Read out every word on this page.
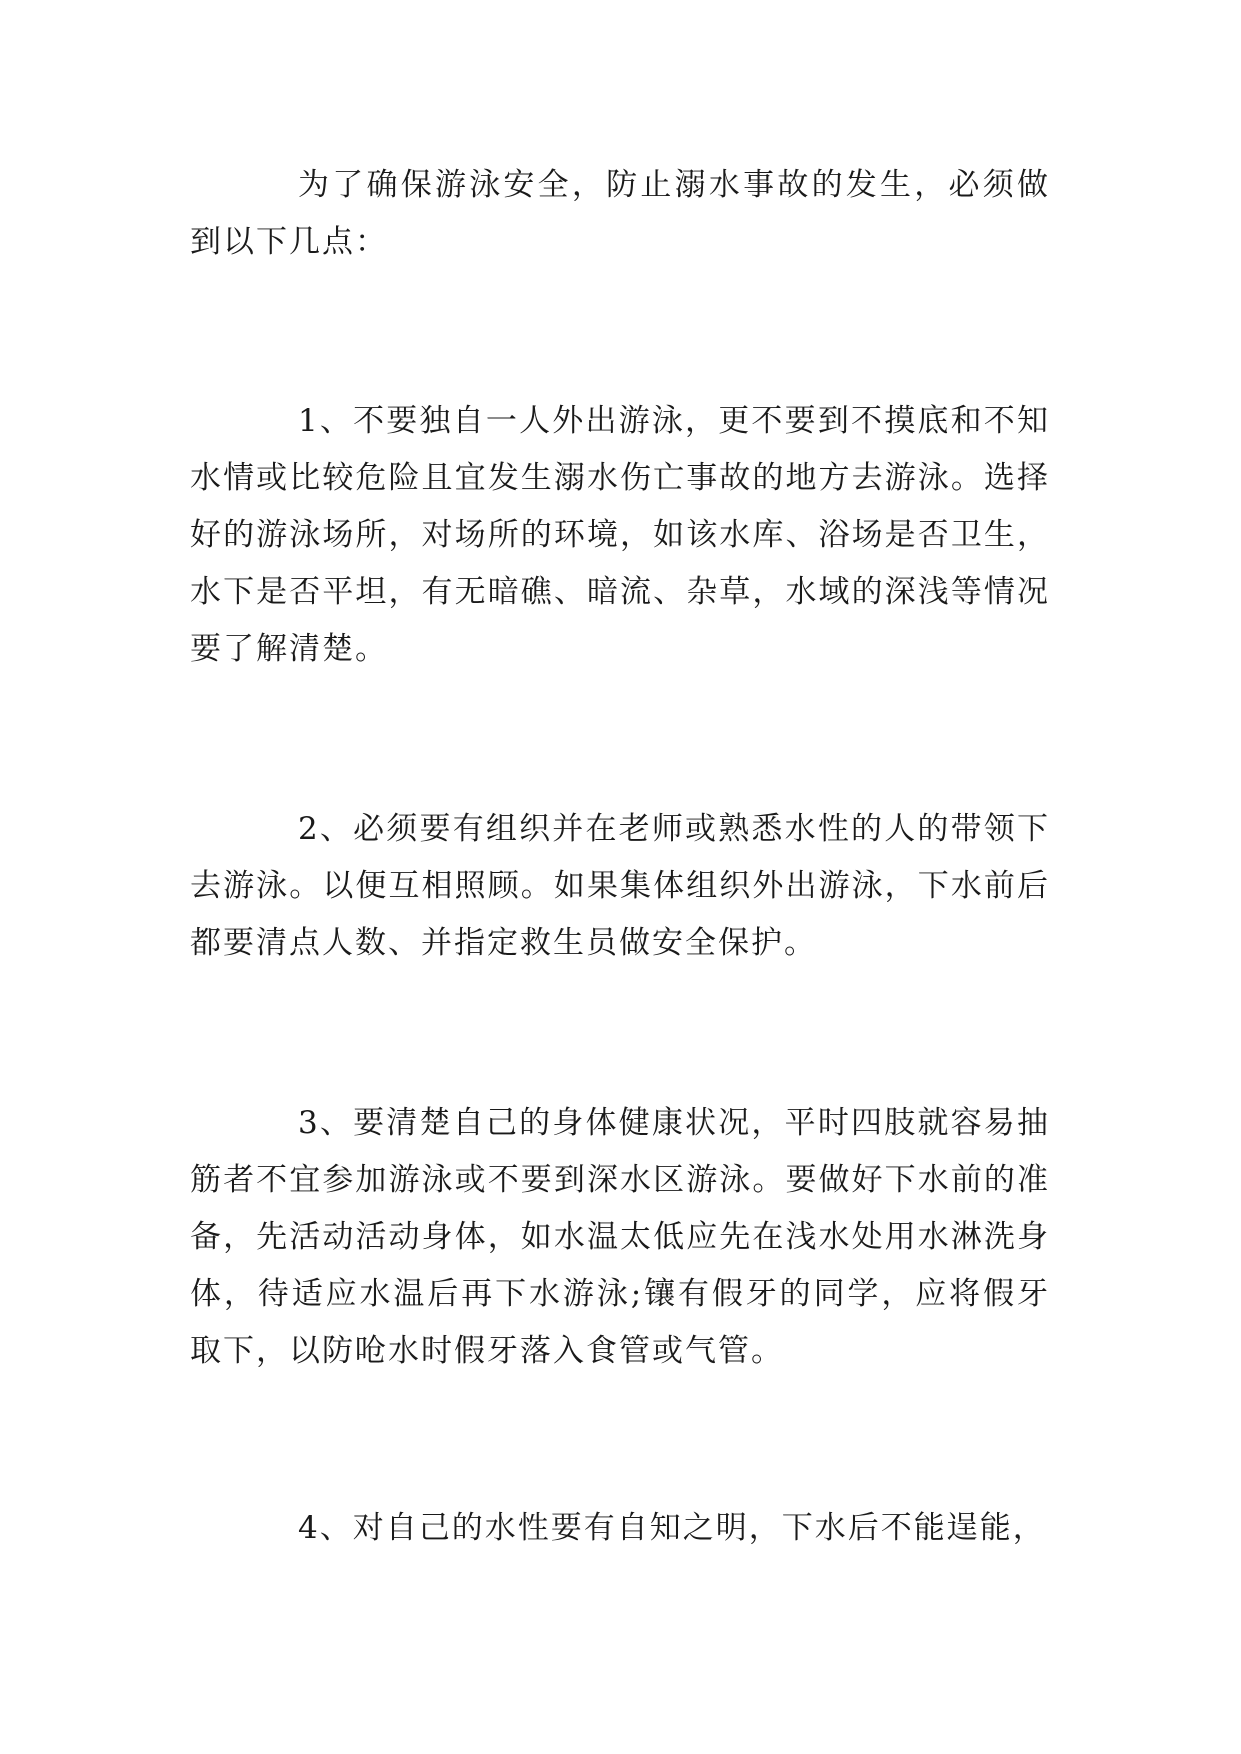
为了确保游泳安全，防止溺水事故的发生，必须做到以下几点：

1、不要独自一人外出游泳，更不要到不摸底和不知水情或比较危险且宜发生溺水伤亡事故的地方去游泳。选择好的游泳场所，对场所的环境，如该水库、浴场是否卫生，水下是否平坦，有无暗礁、暗流、杂草，水域的深浅等情况要了解清楚。

2、必须要有组织并在老师或熟悉水性的人的带领下去游泳。以便互相照顾。如果集体组织外出游泳，下水前后都要清点人数、并指定救生员做安全保护。

3、要清楚自己的身体健康状况，平时四肢就容易抽筋者不宜参加游泳或不要到深水区游泳。要做好下水前的准备，先活动活动身体，如水温太低应先在浅水处用水淋洗身体，待适应水温后再下水游泳;镶有假牙的同学，应将假牙取下，以防呛水时假牙落入食管或气管。

4、对自己的水性要有自知之明，下水后不能逞能，
